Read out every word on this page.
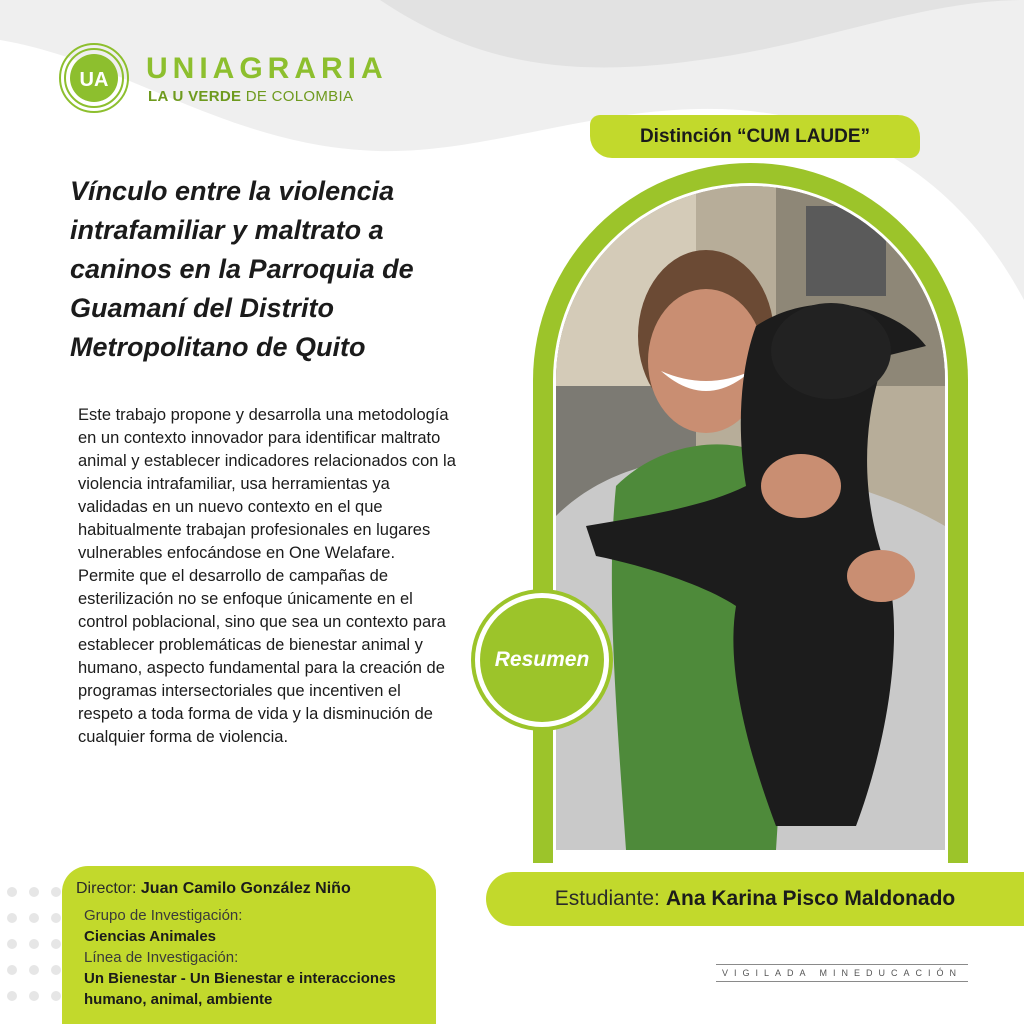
UA UNIAGRARIA
LA U VERDE DE COLOMBIA
Vínculo entre la violencia intrafamiliar y maltrato a caninos en la Parroquia de Guamaní del Distrito Metropolitano de Quito

Este trabajo propone y desarrolla una metodología en un contexto innovador para identificar maltrato animal y establecer indicadores relacionados con la violencia intrafamiliar, usa herramientas ya validadas en un nuevo contexto en el que habitualmente trabajan profesionales en lugares vulnerables enfocándose en One Welafare.

Permite que el desarrollo de campañas de esterilización no se enfoque únicamente en el control poblacional, sino que sea un contexto para establecer problemáticas de bienestar animal y humano, aspecto fundamental para la creación de programas intersectoriales que incentiven el respeto a toda forma de vida y la disminución de cualquier forma de violencia.

Distinción “CUM LAUDE”
Resumen
Estudiante: Ana Karina Pisco Maldonado
Director: Juan Camilo González Niño
Grupo de Investigación:
Ciencias Animales
Línea de Investigación:
Un Bienestar - Un Bienestar e interacciones humano, animal, ambiente
VIGILADA MINEDUCACIÓN
